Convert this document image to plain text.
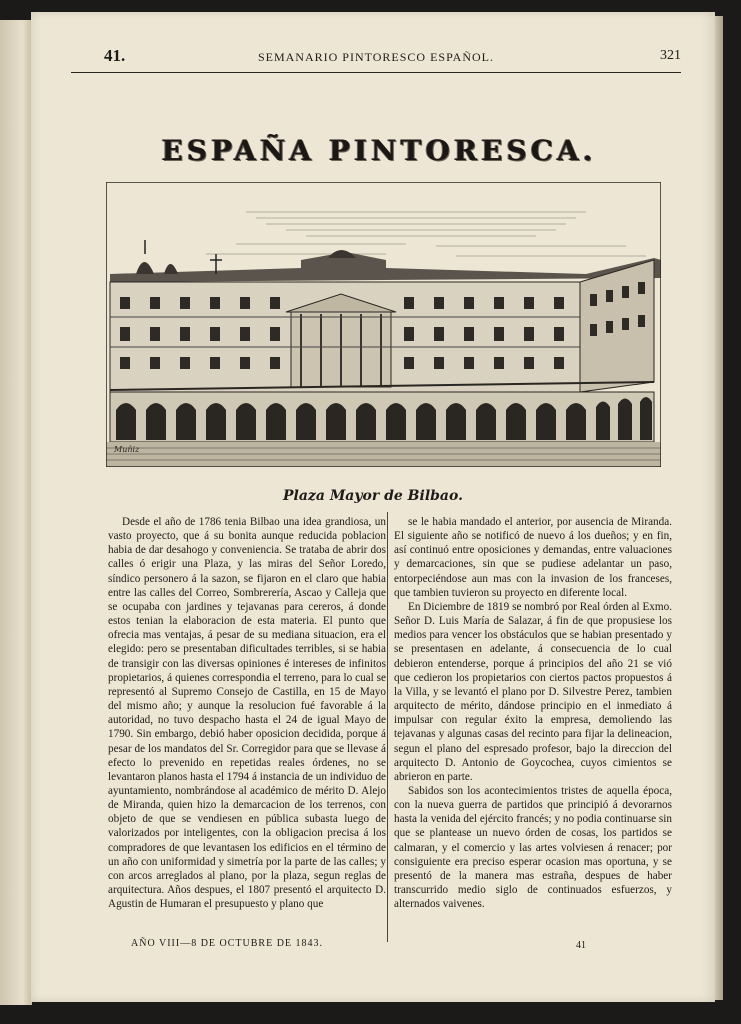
41.	SEMANARIO PINTORESCO ESPAÑOL.	321
ESPAÑA PINTORESCA.
Muñiz
Plaza Mayor de Bilbao.

Desde el año de 1786 tenia Bilbao una idea grandiosa, un vasto proyecto, que á su bonita aunque reducida poblacion habia de dar desahogo y conveniencia. Se trataba de abrir dos calles ó erigir una Plaza, y las miras del Señor Loredo, síndico personero á la sazon, se fijaron en el claro que habia entre las calles del Correo, Sombrerería, Ascao y Calleja que se ocupaba con jardines y tejavanas para cereros, á donde estos tenian la elaboracion de esta materia. El punto que ofrecia mas ventajas, á pesar de su mediana situacion, era el elegido: pero se presentaban dificultades terribles, si se habia de transigir con las diversas opiniones é intereses de infinitos propietarios, á quienes correspondia el terreno, para lo cual se representó al Supremo Consejo de Castilla, en 15 de Mayo del mismo año; y aunque la resolucion fué favorable á la autoridad, no tuvo despacho hasta el 24 de igual Mayo de 1790. Sin embargo, debió haber oposicion decidida, porque á pesar de los mandatos del Sr. Corregidor para que se llevase á efecto lo prevenido en repetidas reales órdenes, no se levantaron planos hasta el 1794 á instancia de un individuo de ayuntamiento, nombrándose al académico de mérito D. Alejo de Miranda, quien hizo la demarcacion de los terrenos, con objeto de que se vendiesen en pública subasta luego de valorizados por inteligentes, con la obligacion precisa á los compradores de que levantasen los edificios en el término de un año con uniformidad y simetría por la parte de las calles; y con arcos arreglados al plano, por la plaza, segun reglas de arquitectura. Años despues, el 1807 presentó el arquitecto D. Agustin de Humaran el presupuesto y plano que

se le habia mandado el anterior, por ausencia de Miranda. El siguiente año se notificó de nuevo á los dueños; y en fin, así continuó entre oposiciones y demandas, entre valuaciones y demarcaciones, sin que se pudiese adelantar un paso, entorpeciéndose aun mas con la invasion de los franceses, que tambien tuvieron su proyecto en diferente local.

En Diciembre de 1819 se nombró por Real órden al Exmo. Señor D. Luis María de Salazar, á fin de que propusiese los medios para vencer los obstáculos que se habian presentado y se presentasen en adelante, á consecuencia de lo cual debieron entenderse, porque á principios del año 21 se vió que cedieron los propietarios con ciertos pactos propuestos á la Villa, y se levantó el plano por D. Silvestre Perez, tambien arquitecto de mérito, dándose principio en el inmediato á impulsar con regular éxito la empresa, demoliendo las tejavanas y algunas casas del recinto para fijar la delineacion, segun el plano del espresado profesor, bajo la direccion del arquitecto D. Antonio de Goycochea, cuyos cimientos se abrieron en parte.

Sabidos son los acontecimientos tristes de aquella época, con la nueva guerra de partidos que principió á devorarnos hasta la venida del ejército francés; y no podia continuarse sin que se plantease un nuevo órden de cosas, los partidos se calmaran, y el comercio y las artes volviesen á renacer; por consiguiente era preciso esperar ocasion mas oportuna, y se presentó de la manera mas estraña, despues de haber transcurrido medio siglo de continuados esfuerzos, y alternados vaivenes.

AÑO VIII—8 DE OCTUBRE DE 1843.	41
